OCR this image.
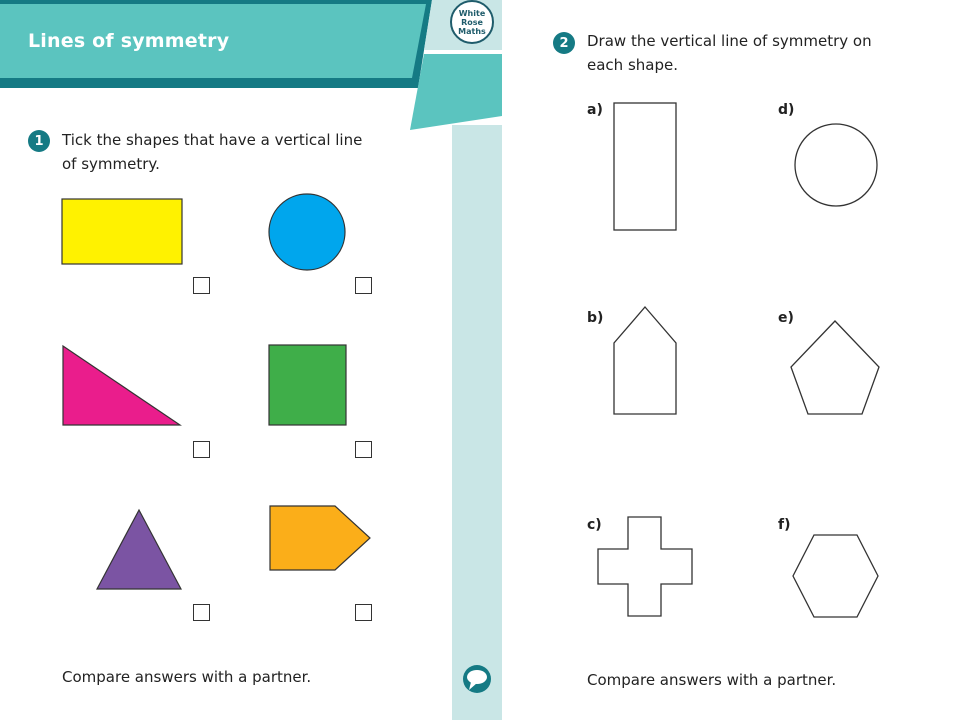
Lines of symmetry
White
Rose
Maths
1	Tick the shapes that have a vertical line
of symmetry.
Compare answers with a partner.
2	Draw the vertical line of symmetry on
each shape.
a)	d)
b)	e)
c)	f)
Compare answers with a partner.
